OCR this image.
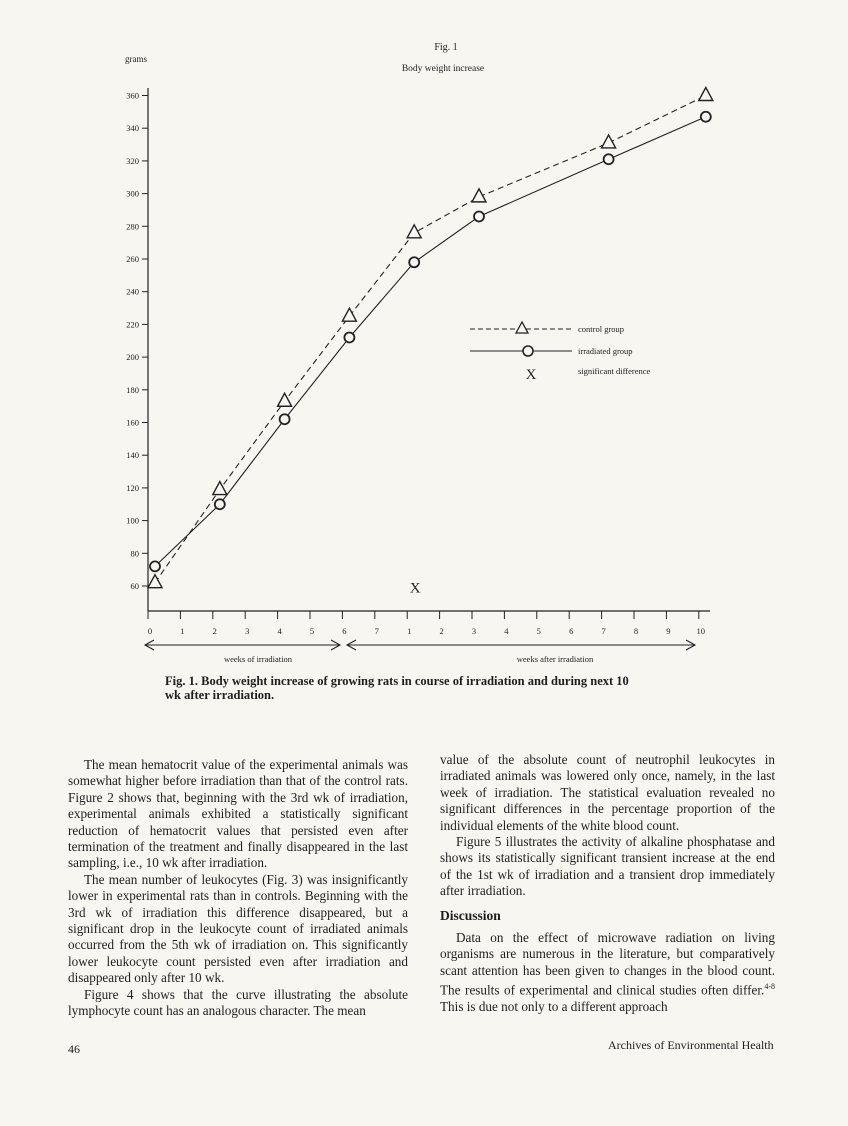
Fig. 1
Body weight increase
grams
60
80
100
120
140
160
180
200
220
240
260
280
300
320
340
360
0	1	2	3	4	5	6	7	1	2	3	4	5	6	7	8	9	10
weeks of irradiation	weeks after irradiation
X
control group
irradiated group
X	significant difference
Fig. 1. Body weight increase of growing rats in course of irradiation and during next 10 wk after irradiation.

The mean hematocrit value of the experimental animals was somewhat higher before irradiation than that of the control rats. Figure 2 shows that, beginning with the 3rd wk of irradiation, experimental animals exhibited a statistically significant reduction of hematocrit values that persisted even after termination of the treatment and finally disappeared in the last sampling, i.e., 10 wk after irradiation.

The mean number of leukocytes (Fig. 3) was insignificantly lower in experimental rats than in controls. Beginning with the 3rd wk of irradiation this difference disappeared, but a significant drop in the leukocyte count of irradiated animals occurred from the 5th wk of irradiation on. This significantly lower leukocyte count persisted even after irradiation and disappeared only after 10 wk.

Figure 4 shows that the curve illustrating the absolute lymphocyte count has an analogous character. The mean

value of the absolute count of neutrophil leukocytes in irradiated animals was lowered only once, namely, in the last week of irradiation. The statistical evaluation revealed no significant differences in the percentage proportion of the individual elements of the white blood count.

Figure 5 illustrates the activity of alkaline phosphatase and shows its statistically significant transient increase at the end of the 1st wk of irradiation and a transient drop immediately after irradiation.

Discussion

Data on the effect of microwave radiation on living organisms are numerous in the literature, but comparatively scant attention has been given to changes in the blood count. The results of experimental and clinical studies often differ.$^{4-8}$ This is due not only to a different approach

46	Archives of Environmental Health
